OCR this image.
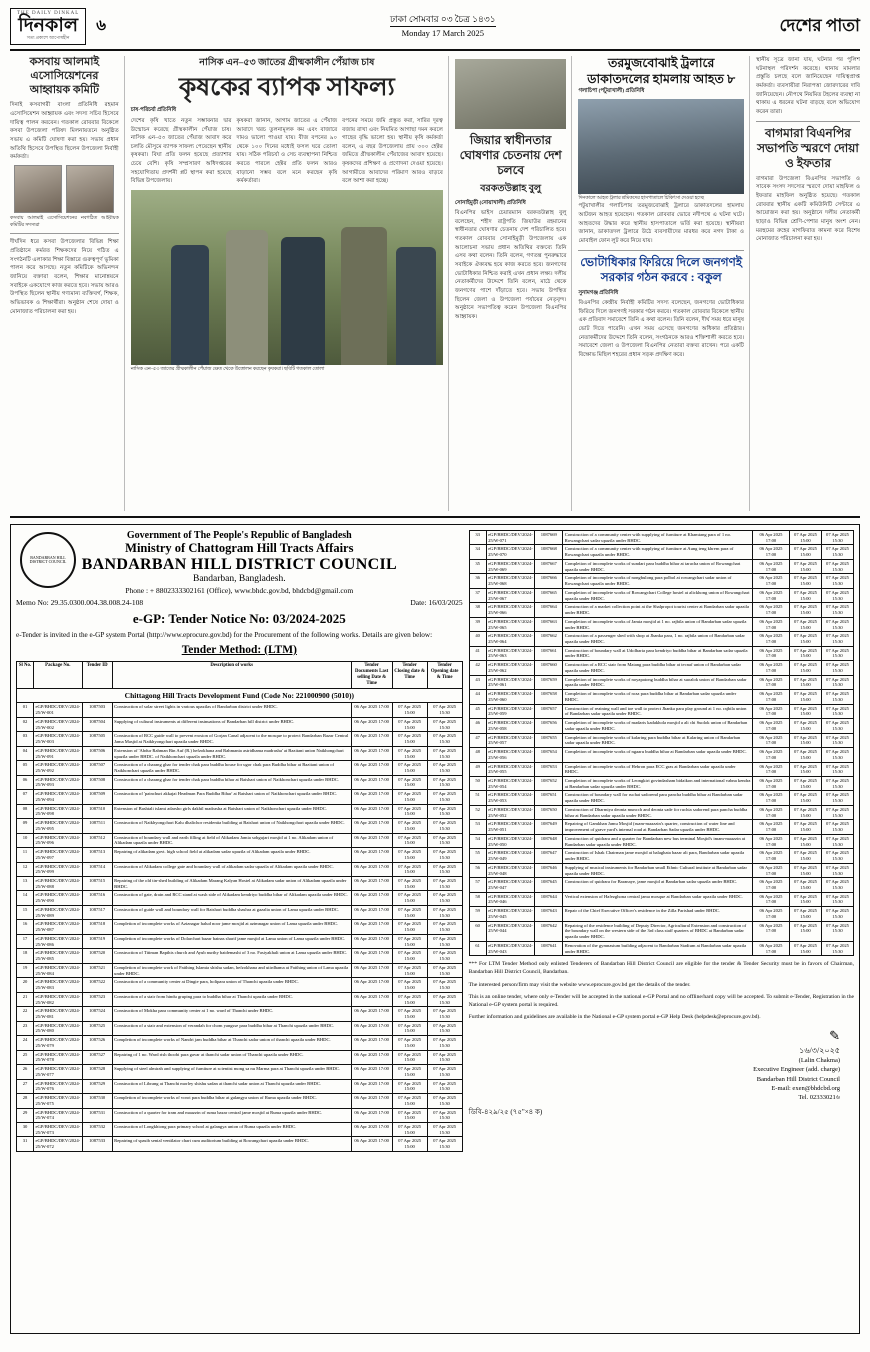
THE DAILY DINKAL
দিনকাল
সত্য প্রকাশে আপোষহীন
৬	ঢাকা সোমবার ০৩ চৈত্র ১৪৩১
Monday 17 March 2025	দেশের পাতা
কসবায় আলমাই এসোসিয়েশনের আহ্বায়ক কমিটি
দিনাই কসবাগরী বাংলা প্রতিনিধি রহমান এসোসিয়েশন আহ্বায়ক এবং সদস্য সচিব হিসেবে দায়িত্ব পালন করবেন। গতকাল রোববার বিকেলে কসবা উপজেলা পরিষদ মিলনায়তনে অনুষ্ঠিত সভায় এ কমিটি ঘোষণা করা হয়। সভায় প্রধান অতিথি হিসেবে উপস্থিত ছিলেন উপজেলা নির্বাহী কর্মকর্তা।
কসবায় আলমাই এসোসিয়েশনের নবগঠিত আহ্বায়ক কমিটির সদস্যরা
দীর্ঘদিন ধরে কসবা উপজেলার বিভিন্ন শিক্ষা প্রতিষ্ঠানে কর্মরত শিক্ষকদের নিয়ে গঠিত এ সংগঠনটি এলাকার শিক্ষা বিস্তারে গুরুত্বপূর্ণ ভূমিকা পালন করে আসছে। নতুন কমিটিকে অভিনন্দন জানিয়ে বক্তারা বলেন, শিক্ষার মানোন্নয়নে সবাইকে একযোগে কাজ করতে হবে। সভায় আরও উপস্থিত ছিলেন স্থানীয় গণ্যমান্য ব্যক্তিবর্গ, শিক্ষক, অভিভাবক ও শিক্ষার্থীরা। অনুষ্ঠান শেষে দোয়া ও মোনাজাত পরিচালনা করা হয়।
নাসিক এন–৫৩ জাতের গ্রীষ্মকালীন পেঁয়াজ চাষ
কৃষকের ব্যাপক সাফল্য
চাষ-পরিচর্যা প্রতিনিধি
দেশের কৃষি খাতে নতুন সম্ভাবনার দ্বার উন্মোচন করেছে গ্রীষ্মকালীন পেঁয়াজ চাষ। নাসিক এন–৫৩ জাতের পেঁয়াজ আবাদ করে চলতি মৌসুমে ব্যাপক সাফল্য পেয়েছেন স্থানীয় কৃষকরা। বিঘা প্রতি ফলন হয়েছে প্রত্যাশার চেয়ে বেশি। কৃষি সম্প্রসারণ অধিদপ্তরের সহযোগিতায় প্রদর্শনী প্লট স্থাপন করা হয়েছে বিভিন্ন উপজেলায়।
কৃষকরা জানান, আগাম জাতের এ পেঁয়াজ আবাদে খরচ তুলনামূলক কম এবং বাজারে দামও ভালো পাওয়া যায়। বীজ বপনের ৯০ থেকে ১০০ দিনের মধ্যেই ফসল ঘরে তোলা যায়। সঠিক পরিচর্যা ও সেচ ব্যবস্থাপনা নিশ্চিত করতে পারলে হেক্টর প্রতি ফলন আরও বাড়ানো সম্ভব বলে মনে করছেন কৃষি কর্মকর্তারা।
বপনের সময়ে জমি প্রস্তুত করা, সারির দূরত্ব বজায় রাখা এবং নিয়মিত আগাছা দমন করলে গাছের বৃদ্ধি ভালো হয়। স্থানীয় কৃষি কর্মকর্তা বলেন, এ বছর উপজেলায় প্রায় ৩০০ হেক্টর জমিতে গ্রীষ্মকালীন পেঁয়াজের আবাদ হয়েছে। কৃষকদের প্রশিক্ষণ ও প্রণোদনা দেওয়া হয়েছে। আগামীতে আবাদের পরিমাণ আরও বাড়বে বলে আশা করা হচ্ছে।
নাসিক এন–৫৩ জাতের গ্রীষ্মকালীন পেঁয়াজ ক্ষেত থেকে উত্তোলন করছেন কৃষকরা। ছবিটি গতকাল তোলা
জিয়ার স্বাধীনতার ঘোষণার চেতনায় দেশ চলবে
বরকতউল্লাহ বুলু
সোনাইমুড়ী (নোয়াখালী) প্রতিনিধি
বিএনপির ভাইস চেয়ারম্যান বরকতউল্লাহ বুলু বলেছেন, শহীদ রাষ্ট্রপতি জিয়াউর রহমানের স্বাধীনতার ঘোষণার চেতনায় দেশ পরিচালিত হবে। গতকাল রোববার সোনাইমুড়ী উপজেলায় এক আলোচনা সভায় প্রধান অতিথির বক্তব্যে তিনি এসব কথা বলেন। তিনি বলেন, গণতন্ত্র পুনরুদ্ধারে সবাইকে ঐক্যবদ্ধ হয়ে কাজ করতে হবে। জনগণের ভোটাধিকার নিশ্চিত করাই এখন প্রধান লক্ষ্য। দলীয় নেতাকর্মীদের উদ্দেশে তিনি বলেন, মাঠে থেকে জনগণের পাশে দাঁড়াতে হবে। সভায় উপস্থিত ছিলেন জেলা ও উপজেলা পর্যায়ের নেতৃবৃন্দ। অনুষ্ঠানে সভাপতিত্ব করেন উপজেলা বিএনপির আহ্বায়ক।
তরমুজবোঝাই ট্রলারে ডাকাতদলের হামলায় আহত ৮
গলাচিপা (পটুয়াখালী) প্রতিনিধি
দিনকালে আহত ট্রলার শ্রমিকদের হাসপাতালে চিকিৎসা দেওয়া হচ্ছে
পটুয়াখালীর গলাচিপায় তরমুজবোঝাই ট্রলারে ডাকাতদলের হামলায় আটজন আহত হয়েছেন। গতকাল রোববার ভোরে নদীপথে এ ঘটনা ঘটে। আহতদের উদ্ধার করে স্থানীয় হাসপাতালে ভর্তি করা হয়েছে। স্থানীয়রা জানান, ডাকাতদল ট্রলারে উঠে ব্যবসায়ীদের মারধর করে নগদ টাকা ও মোবাইল ফোন লুট করে নিয়ে যায়।
ভোটাধিকার ফিরিয়ে দিলে জনগণই সরকার গঠন করবে : বকুল
সুনামগঞ্জ প্রতিনিধি
বিএনপির কেন্দ্রীয় নির্বাহী কমিটির সদস্য বলেছেন, জনগণের ভোটাধিকার ফিরিয়ে দিলে জনগণই সরকার গঠন করবে। গতকাল রোববার বিকেলে স্থানীয় এক প্রতিবাদ সমাবেশে তিনি এ কথা বলেন। তিনি বলেন, দীর্ঘ সময় ধরে মানুষ ভোট দিতে পারেনি। এখন সময় এসেছে জনগণের অধিকার প্রতিষ্ঠার। নেতাকর্মীদের উদ্দেশে তিনি বলেন, সংগঠনকে আরও শক্তিশালী করতে হবে। সমাবেশে জেলা ও উপজেলা বিএনপির নেতারা বক্তব্য রাখেন। পরে একটি বিক্ষোভ মিছিল শহরের প্রধান সড়ক প্রদক্ষিণ করে।
স্থানীয় সূত্রে জানা যায়, ঘটনার পর পুলিশ ঘটনাস্থল পরিদর্শন করেছে। থানায় মামলার প্রস্তুতি চলছে বলে জানিয়েছেন দায়িত্বপ্রাপ্ত কর্মকর্তা। ব্যবসায়ীরা নিরাপত্তা জোরদারের দাবি জানিয়েছেন। নৌপথে নিয়মিত টহলের ব্যবস্থা না থাকায় এ ধরনের ঘটনা বাড়ছে বলে অভিযোগ করেন তারা।
বাগমারা বিএনপির সভাপতি স্মরণে দোয়া ও ইফতার
বাগমারা উপজেলা বিএনপির সভাপতি ও সাবেক সংসদ সদস্যের স্মরণে দোয়া মাহফিল ও ইফতার মাহফিল অনুষ্ঠিত হয়েছে। গতকাল রোববার স্থানীয় একটি কমিউনিটি সেন্টারে এ আয়োজন করা হয়। অনুষ্ঠানে দলীয় নেতাকর্মী ছাড়াও বিভিন্ন শ্রেণি-পেশার মানুষ অংশ নেন। মরহুমের রুহের মাগফিরাত কামনা করে বিশেষ মোনাজাত পরিচালনা করা হয়।
BANDARBAN HILL DISTRICT COUNCIL
Government of The People's Republic of Bangladesh
Ministry of Chattogram Hill Tracts Affairs
BANDARBAN HILL DISTRICT COUNCIL
Bandarban, Bangladesh.
Phone : + 8802333302161 (Office), www.bhdc.gov.bd, bhdcbd@gmail.com
Memo No: 29.35.0300.004.38.008.24-108	Date: 16/03/2025
e-GP: Tender Notice No: 03/2024-2025
e-Tender is invited in the e-GP system Portal (http://www.eprocure.gov.bd) for the Procurement of the following works. Details are given below:
Tender Method: (LTM)
Sl No.	Package No.	Tender ID	Description of works	Tender Documents Last selling Date & Time	Tender Closing date & Time	Tender Opening date & Time
Chittagong Hill Tracts Development Fund (Code No: 221000900 (5010))						
01	eGP/BHDC/DEV/2024-25/W-001	1087503	Construction of solar street lights in various upazilas of Bandarban district under BHDC.	06 Apr 2025 17:00	07 Apr 2025 15:00	07 Apr 2025 15:30
02	eGP/BHDC/DEV/2024-25/W-002	1087504	Supplying of cultural instruments at different insinuations of Bandarban hill district under BHDC.	06 Apr 2025 17:00	07 Apr 2025 15:00	07 Apr 2025 15:30
03	eGP/BHDC/DEV/2024-25/W-003	1087505	Construction of RCC guide wall to prevent erosion of Gorjan Canal adjacent to the mosque to protect Bandarban Bazar Central Jama Masjid at Naikhyongchari upazila under BHDC.	06 Apr 2025 17:00	07 Apr 2025 15:00	07 Apr 2025 15:30
04	eGP/BHDC/DEV/2024-25/W-091	1087506	Extension of 'Abdur Rahman Bin Auf (R.) hefzokhana and Rahmania astridhama madrasha' at Bazitani union Naikhongchari upazila under BHDC. of Naikhonchari upazila under BHDC.	06 Apr 2025 17:00	07 Apr 2025 15:00	07 Apr 2025 15:30
05	eGP/BHDC/DEV/2024-25/W-092	1087507	Construction of a charang ghar for tender chak para buddha house for ugor chak para Buddha bihar at Bazitani union of Naikhonchari upazila under BHDC.	06 Apr 2025 17:00	07 Apr 2025 15:00	07 Apr 2025 15:30
06	eGP/BHDC/DEV/2024-25/W-093	1087508	Construction of a charang ghar for tender chak para buddha bihar at Baishari union of Naikhonchari upazila under BHDC.	06 Apr 2025 17:00	07 Apr 2025 15:00	07 Apr 2025 15:30
07	eGP/BHDC/DEV/2024-25/W-094	1087509	Construction of 'painchuri akkajai Headman Para Buddha Bihar' at Baishari union of Naikhonchari upazila under BHDC.	06 Apr 2025 17:00	07 Apr 2025 15:00	07 Apr 2025 15:30
08	eGP/BHDC/DEV/2024-25/W-098	1087510	Extension of Bashtali islami adarsho girls dakhil madrasha at Baishari union of Naikhonchari upazila under BHDC.	06 Apr 2025 17:00	07 Apr 2025 15:00	07 Apr 2025 15:30
09	eGP/BHDC/DEV/2024-25/W-095	1087511	Construction of Naikhyongchari Kalu dhalichor residentia building at Baishari union of Naikhongchari upazila under BHDC.	06 Apr 2025 17:00	07 Apr 2025 15:00	07 Apr 2025 15:30
10	eGP/BHDC/DEV/2024-25/W-096	1087512	Construction of boundary wall and earth filling at field of Alikadam Jamia sobgujari mosjid at 1 no. Alikadam union of Alikadam upazila under BHDC.	06 Apr 2025 17:00	07 Apr 2025 15:00	07 Apr 2025 15:30
11	eGP/BHDC/DEV/2024-25/W-097	1087513	Repairing of alikadam govt. high school field at alikadam sadar upazila of Alikadam upazila under BHDC.	06 Apr 2025 17:00	07 Apr 2025 15:00	07 Apr 2025 15:30
12	eGP/BHDC/DEV/2024-25/W-099	1087514	Construction of Alikadam college gate and boundary wall of alikadam sadar upazila of Alikadam upazila under BHDC.	06 Apr 2025 17:00	07 Apr 2025 15:00	07 Apr 2025 15:30
13	eGP/BHDC/DEV/2024-25/W-088	1087515	Repairing of the old tin-shed building of Alikadam Marang Kalyan Hostel at Alikadam sadar union of Alikadam upazila under BHDC.	06 Apr 2025 17:00	07 Apr 2025 15:00	07 Apr 2025 15:30
14	eGP/BHDC/DEV/2024-25/W-090	1087516	Construction of gate, drain and RCC stand at wash side of Alikadam kendriyo buddha bihar of Alikadam upazila under BHDC.	06 Apr 2025 17:00	07 Apr 2025 15:00	07 Apr 2025 15:30
15	eGP/BHDC/DEV/2024-25/W-089	1087517	Construction of guide wall and boundary wall for Baishari buddha shashra at gazalia union of Lama upazila under BHDC.	06 Apr 2025 17:00	07 Apr 2025 15:00	07 Apr 2025 15:30
16	eGP/BHDC/DEV/2024-25/W-087	1087518	Completion of incomplete works of Aziznagar halud noor jame mosjid at azimnagar union of Lama upazila under BHDC.	06 Apr 2025 17:00	07 Apr 2025 15:00	07 Apr 2025 15:30
17	eGP/BHDC/DEV/2024-25/W-086	1087519	Completion of incomplete works of Dolarchari bazar bainas sharif jame mosjid at Lama union of Lama upazila under BHDC.	06 Apr 2025 17:00	07 Apr 2025 15:00	07 Apr 2025 15:30
18	eGP/BHDC/DEV/2024-25/W-085	1087520	Construction of Titiman Bapthis church and Ayub nurthy baidemashi of 3 no. Fasiyakhali union at Lama upazila under BHDC.	06 Apr 2025 17:00	07 Apr 2025 15:00	07 Apr 2025 15:30
19	eGP/BHDC/DEV/2024-25/W-084	1087521	Completion of incomplete work of Faithing Islamia shishu sadan, hefzokhana and utirdhama at Faithing union of Lama upazila under BHDC.	06 Apr 2025 17:00	07 Apr 2025 15:00	07 Apr 2025 15:30
20	eGP/BHDC/DEV/2024-25/W-083	1087522	Construction of a community center at Dingie para, holipara union of Thanchi upazila under BHDC.	06 Apr 2025 17:00	07 Apr 2025 15:00	07 Apr 2025 15:30
21	eGP/BHDC/DEV/2024-25/W-082	1087523	Construction of a stair from hindu gruping para to buddha bihar at Thanchi upazila under BHDC.	06 Apr 2025 17:00	07 Apr 2025 15:00	07 Apr 2025 15:30
22	eGP/BHDC/DEV/2024-25/W-081	1087524	Construction of Mokha para community center at 1 no. ward of Thanchi under BHDC.	06 Apr 2025 17:00	07 Apr 2025 15:00	07 Apr 2025 15:30
23	eGP/BHDC/DEV/2024-25/W-080	1087525	Construction of a stair and extension of verandah for chom yangsse para buddha bihar at Thanchi upazila under BHDC.	06 Apr 2025 17:00	07 Apr 2025 15:00	07 Apr 2025 15:30
24	eGP/BHDC/DEV/2024-25/W-079	1087526	Completion of incomplete works of Nandri jam buddha bihar at Thanchi sadar union of thanchi upazila under BHDC.	06 Apr 2025 17:00	07 Apr 2025 15:00	07 Apr 2025 15:30
25	eGP/BHDC/DEV/2024-25/W-078	1087527	Repairing of 1 no. Ward rish thoobi para gavar at thanchi sadar union of Thanchi upazila under BHDC.	06 Apr 2025 17:00	07 Apr 2025 15:00	07 Apr 2025 15:30
26	eGP/BHDC/DEV/2024-25/W-077	1087528	Supplying of steel almirah and supplying of furniture at scientist mong sa nu Marma para at Thanchi upazila under BHDC.	06 Apr 2025 17:00	07 Apr 2025 15:00	07 Apr 2025 15:30
27	eGP/BHDC/DEV/2024-25/W-076	1087529	Construction of Librang at Thanchi morley shishu sadan at thanchi sadar union at Thanchi upazila under BHDC.	06 Apr 2025 17:00	07 Apr 2025 15:00	07 Apr 2025 15:30
28	eGP/BHDC/DEV/2024-25/W-075	1087530	Completion of incomplete works of vorot para buddha bihar at galangya union of Ruma upazila under BHDC.	06 Apr 2025 17:00	07 Apr 2025 15:00	07 Apr 2025 15:30
29	eGP/BHDC/DEV/2024-25/W-074	1087531	Construction of a quarter for tram and maazzin of ruma bazar central jame mosjid at Ruma upazila under BHDC.	06 Apr 2025 17:00	07 Apr 2025 15:00	07 Apr 2025 15:30
30	eGP/BHDC/DEV/2024-25/W-073	1087532	Construction of Longkhiong para primary school at galangya union of Ruma upazila under BHDC.	06 Apr 2025 17:00	07 Apr 2025 15:00	07 Apr 2025 15:30
31	eGP/BHDC/DEV/2024-25/W-072	1087533	Repairing of spasib senial ventilator chart cum auditorium building at Rowangchari upazila under BHDC.	06 Apr 2025 17:00	07 Apr 2025 15:00	07 Apr 2025 15:30
33	eGP/BHDC/DEV/2024-25/W-071	1087669	Construction of a community center with supplying of furniture at Khamtang para of 1 no. Rowangchari sadar upazila under BHDC.	06 Apr 2025 17:00	07 Apr 2025 15:00	07 Apr 2025 15:30
34	eGP/BHDC/DEV/2024-25/W-070	1087668	Construction of a community center with supplying of furniture at Aung teng khrem para of Rowangchari upazila under BHDC.	06 Apr 2025 17:00	07 Apr 2025 15:00	07 Apr 2025 15:30
35	eGP/BHDC/DEV/2024-25/W-069	1087667	Completion of incomplete works of sundari para buddha bihar at taracha union of Rowangchari upazila under BHDC.	06 Apr 2025 17:00	07 Apr 2025 15:00	07 Apr 2025 15:30
36	eGP/BHDC/DEV/2024-25/W-068	1087666	Completion of incomplete works of nongbulong para polbol at rowangchari sadar union of Rowangchari upazila under BHDC.	06 Apr 2025 17:00	07 Apr 2025 15:00	07 Apr 2025 15:30
37	eGP/BHDC/DEV/2024-25/W-067	1087665	Completion of incomplete works of Rowangchari College hostel at alickhong union of Rowangchari upazila under BHDC.	06 Apr 2025 17:00	07 Apr 2025 15:00	07 Apr 2025 15:30
38	eGP/BHDC/DEV/2024-25/W-066	1087664	Construction of a market collection point at the Shalpropot tourist center at Bandarban sadar upazila under BHDC.	06 Apr 2025 17:00	07 Apr 2025 15:00	07 Apr 2025 15:30
39	eGP/BHDC/DEV/2024-25/W-065	1087663	Completion of incomplete works of Jamia mosjid at 1 no. rajbila union of Bandarban sadar upazila under BHDC.	06 Apr 2025 17:00	07 Apr 2025 15:00	07 Apr 2025 15:30
40	eGP/BHDC/DEV/2024-25/W-064	1087662	Construction of a passenger shed with shop at Jhanka para, 1 no. rajbila union of Bandarban sadar upazila under BHDC.	06 Apr 2025 17:00	07 Apr 2025 15:00	07 Apr 2025 15:30
41	eGP/BHDC/DEV/2024-25/W-063	1087661	Construction of boundary wall at Udolbaria para kendriyo buddha bihar at Bandarban sadar upazila under BHDC.	06 Apr 2025 17:00	07 Apr 2025 15:00	07 Apr 2025 15:30
42	eGP/BHDC/DEV/2024-25/W-062	1087660	Construction of a RCC stair from Matang para buddha bihar at tecnaf union of Bandarban sadar upazila under BHDC.	06 Apr 2025 17:00	07 Apr 2025 15:00	07 Apr 2025 15:30
43	eGP/BHDC/DEV/2024-25/W-061	1087659	Completion of incomplete works of noyapatong buddha bihar at suoalok union of Bandarban sadar upazila under BHDC.	06 Apr 2025 17:00	07 Apr 2025 15:00	07 Apr 2025 15:30
44	eGP/BHDC/DEV/2024-25/W-060	1087658	Completion of incomplete works of roza para buddha bihar at Bandarban sadar upazila under BHDC.	06 Apr 2025 17:00	07 Apr 2025 15:00	07 Apr 2025 15:30
45	eGP/BHDC/DEV/2024-25/W-059	1087657	Construction of reaining wall and toe wall to protect Jhanka para play ground at 1 no. rajbila union of Bandarban sadar upazila under BHDC.	06 Apr 2025 17:00	07 Apr 2025 15:00	07 Apr 2025 15:30
46	eGP/BHDC/DEV/2024-25/W-058	1087656	Completion of incomplete works of madaris kadakhola mosjid a ali chi Suolok union of Bandarban sadar upazila under BHDC.	06 Apr 2025 17:00	07 Apr 2025 15:00	07 Apr 2025 15:30
47	eGP/BHDC/DEV/2024-25/W-057	1087655	Completion of incomplete works of kalaring para buddha bihar at Kalaring union of Bandarban sadar upazila under BHDC.	06 Apr 2025 17:00	07 Apr 2025 15:00	07 Apr 2025 15:30
48	eGP/BHDC/DEV/2024-25/W-056	1087654	Completion of incomplete works of ngaaru buddha bihar at Bandarban sadar upazila under BHDC.	06 Apr 2025 17:00	07 Apr 2025 15:00	07 Apr 2025 15:30
49	eGP/BHDC/DEV/2024-25/W-055	1087653	Completion of incomplete works of Hebron para ECC gras at Bandarban sadar upazila under BHDC.	06 Apr 2025 17:00	07 Apr 2025 15:00	07 Apr 2025 15:30
50	eGP/BHDC/DEV/2024-25/W-054	1087652	Completion of incomplete works of Leongkiri govindasham bidaikon and international vabna kendra at Bandarban sadar upazila under BHDC.	06 Apr 2025 17:00	07 Apr 2025 15:00	07 Apr 2025 15:30
51	eGP/BHDC/DEV/2024-25/W-053	1087651	Construction of boundary wall for ruchai sadorend para pancha buddha bihar at Bandarban sadar upazila under BHDC.	06 Apr 2025 17:00	07 Apr 2025 15:00	07 Apr 2025 15:30
52	eGP/BHDC/DEV/2024-25/W-052	1087650	Construction of Dharmiya deonta muncch and deonta sade for ruchia sadorend para pancha buddha bihar at Bandarban sadar upazila under BHDC.	06 Apr 2025 17:00	07 Apr 2025 15:00	07 Apr 2025 15:30
53	eGP/BHDC/DEV/2024-25/W-051	1087649	Repairing of Gamkhan Jamu Mosjid (ruam-maazzin's quarter, construction of water line and improvement of grave yard's internal road at Bandarban Sadar upazila under BHDC.	06 Apr 2025 17:00	07 Apr 2025 15:00	07 Apr 2025 15:30
54	eGP/BHDC/DEV/2024-25/W-050	1087648	Construction of quidrara and a quarter for Bandarban new bus terminal Mosjid's imam-maazzin at Bandarban sadar upazila under BHDC.	06 Apr 2025 17:00	07 Apr 2025 15:00	07 Apr 2025 15:30
55	eGP/BHDC/DEV/2024-25/W-049	1087647	Construction of Ishak Chairman jame mosjid at balaghata bazar ali para, Bandarban sadar upazila under BHDC.	06 Apr 2025 17:00	07 Apr 2025 15:00	07 Apr 2025 15:30
56	eGP/BHDC/DEV/2024-25/W-048	1087646	Supplying of musical instruments for Bandarban small Ethnic Cultural institute at Bandarban sadar upazila under BHDC.	06 Apr 2025 17:00	07 Apr 2025 15:00	07 Apr 2025 15:30
57	eGP/BHDC/DEV/2024-25/W-047	1087645	Construction of quidrara for Baranaye, jame mosjid at Bandarban sadar upazila under BHDC.	06 Apr 2025 17:00	07 Apr 2025 15:00	07 Apr 2025 15:30
58	eGP/BHDC/DEV/2024-25/W-046	1087644	Vertical extension of Hafezghona central jama mosque at Bandarban sadar upazila under BHDC.	06 Apr 2025 17:00	07 Apr 2025 15:00	07 Apr 2025 15:30
59	eGP/BHDC/DEV/2024-25/W-045	1087643	Repair of the Chief Executive Officer's residence in the Zilla Parishad under BHDC.	06 Apr 2025 17:00	07 Apr 2025 15:00	07 Apr 2025 15:30
60	eGP/BHDC/DEV/2024-25/W-044	1087642	Repairing of the residence building of Deputy Director, Agricultural Extension and construction of the boundary wall on the western side of the 3rd class staff quarters of BHDC at Bandarban sadar upazila under BHDC.	06 Apr 2025 17:00	07 Apr 2025 15:00	07 Apr 2025 15:30
61	eGP/BHDC/DEV/2024-25/W-043	1087641	Renovation of the gymnasium building adjacent to Bandarban Stadium at Bandarban sadar upazila under BHDC.	06 Apr 2025 17:00	07 Apr 2025 15:00	07 Apr 2025 15:30
*** For LTM Tender Method only enlisted Tenderers of Bandarban Hill District Council are eligible for the tender & Tender Security must be in favors of Chairman, Bandarban Hill District Council, Bandarban.
The interested person/firm may visit the website www.eprocure.gov.bd get the details of the tender.
This is an online tender, where only e-Tender will be accepted in the national e-GP Portal and no offline/hard copy will be accepted. To submit e-Tender, Registration in the National e-GP system portal is required.
Further information and guidelines are available in the National e-GP system portal e-GP Help Desk (helpdesk@eprocure.gov.bd).
✎
১৬/৩/২০২৫
(Lalin Chakma)
Executive Engineer (add. charge)
Bandarban Hill District Council
E-mail: exen@bhdcbd.org
Tel. 02333021৬
ডিবি-৪২৯/২৫ (৭৫"×৪ ক)
